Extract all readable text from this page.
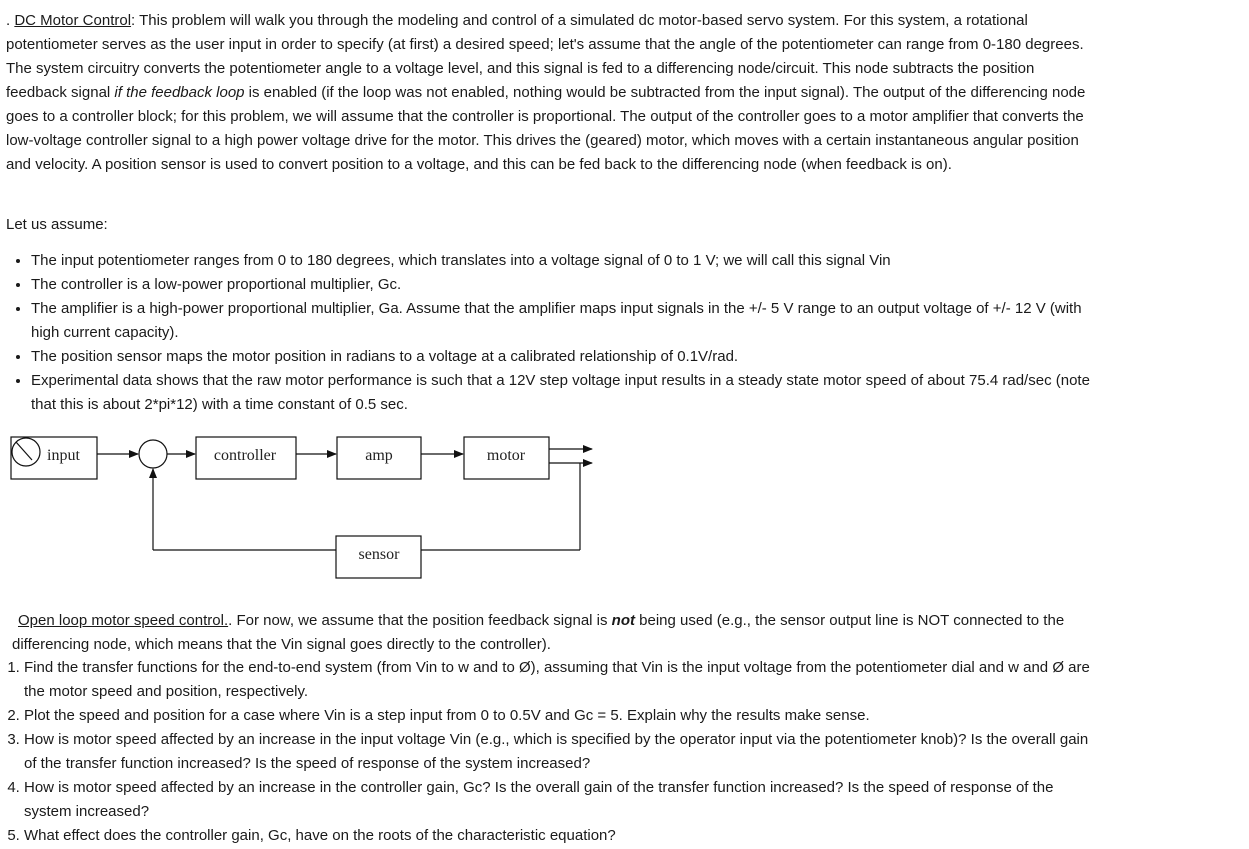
. DC Motor Control: This problem will walk you through the modeling and control of a simulated dc motor-based servo system. For this system, a rotational potentiometer serves as the user input in order to specify (at first) a desired speed; let's assume that the angle of the potentiometer can range from 0-180 degrees. The system circuitry converts the potentiometer angle to a voltage level, and this signal is fed to a differencing node/circuit. This node subtracts the position feedback signal if the feedback loop is enabled (if the loop was not enabled, nothing would be subtracted from the input signal). The output of the differencing node goes to a controller block; for this problem, we will assume that the controller is proportional. The output of the controller goes to a motor amplifier that converts the low-voltage controller signal to a high power voltage drive for the motor. This drives the (geared) motor, which moves with a certain instantaneous angular position and velocity. A position sensor is used to convert position to a voltage, and this can be fed back to the differencing node (when feedback is on).

Let us assume:

• The input potentiometer ranges from 0 to 180 degrees, which translates into a voltage signal of 0 to 1 V; we will call this signal Vin
• The controller is a low-power proportional multiplier, Gc.
• The amplifier is a high-power proportional multiplier, Ga. Assume that the amplifier maps input signals in the +/- 5 V range to an output voltage of +/- 12 V (with high current capacity).
• The position sensor maps the motor position in radians to a voltage at a calibrated relationship of 0.1V/rad.
• Experimental data shows that the raw motor performance is such that a 12V step voltage input results in a steady state motor speed of about 75.4 rad/sec (note that this is about 2*pi*12) with a time constant of 0.5 sec.
input	controller	amp	motor
sensor

Open loop motor speed control.. For now, we assume that the position feedback signal is not being used (e.g., the sensor output line is NOT connected to the differencing node, which means that the Vin signal goes directly to the controller).

1. Find the transfer functions for the end-to-end system (from Vin to w and to Ø), assuming that Vin is the input voltage from the potentiometer dial and w and Ø are the motor speed and position, respectively.
2. Plot the speed and position for a case where Vin is a step input from 0 to 0.5V and Gc = 5. Explain why the results make sense.
3. How is motor speed affected by an increase in the input voltage Vin (e.g., which is specified by the operator input via the potentiometer knob)? Is the overall gain of the transfer function increased? Is the speed of response of the system increased?
4. How is motor speed affected by an increase in the controller gain, Gc? Is the overall gain of the transfer function increased? Is the speed of response of the system increased?
5. What effect does the controller gain, Gc, have on the roots of the characteristic equation?
